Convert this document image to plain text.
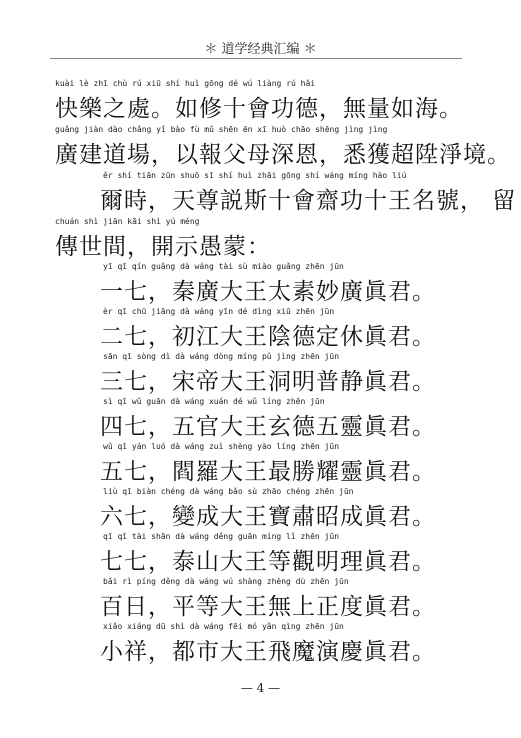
＊ 道学经典汇编 ＊
kuài lè zhī chù rú xiū shí huì gōng dé wú liàng rú hǎi
快樂之處。如修十會功德，無量如海。
guǎng jiàn dào chǎng yǐ bào fù mǔ shēn ēn xī huò chāo shēng jìng jìng
廣建道場，以報父母深恩，悉獲超陞淨境。
ěr shí tiān zūn shuō sī shí huì zhāi gōng shí wáng míng hào liú
爾時，天尊説斯十會齋功十王名號， 留
chuán shì jiān kāi shì yú méng
傳世間，開示愚蒙：
yī qī qín guǎng dà wáng tài sù miào guǎng zhēn jūn
一七，秦廣大王太素妙廣眞君。
èr qī chū jiāng dà wáng yīn dé dìng xiū zhēn jūn
二七，初江大王陰德定休眞君。
sān qī sòng dì dà wáng dòng míng pǔ jìng zhēn jūn
三七，宋帝大王洞明普静眞君。
sì qī wǔ guān dà wáng xuán dé wǔ líng zhēn jūn
四七，五官大王玄德五靈眞君。
wǔ qī yán luó dà wáng zuì shèng yào líng zhēn jūn
五七，閻羅大王最勝耀靈眞君。
liù qī biàn chéng dà wáng bǎo sù zhāo chéng zhēn jūn
六七，變成大王寶肅昭成眞君。
qī qī tài shān dà wáng děng guān míng lǐ zhēn jūn
七七，泰山大王等觀明理眞君。
bǎi rì píng děng dà wáng wú shàng zhèng dù zhēn jūn
百日，平等大王無上正度眞君。
xiǎo xiáng dū shì dà wáng fēi mó yǎn qìng zhēn jūn
小祥，都市大王飛魔演慶眞君。
— 4 —
